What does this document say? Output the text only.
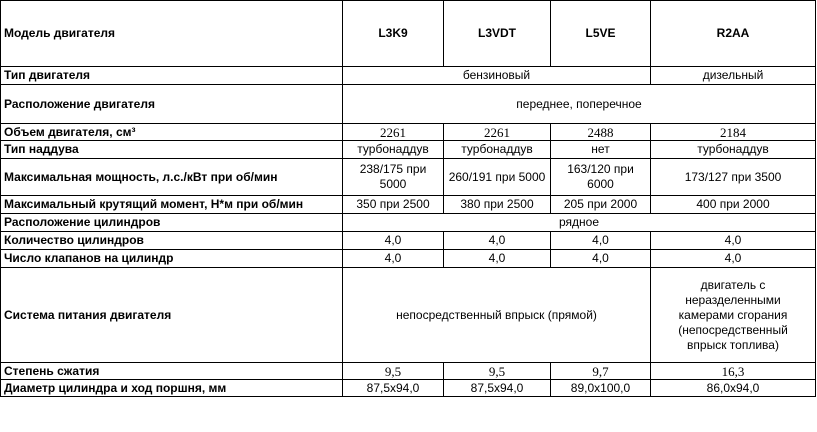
Модель двигателя	L3K9	L3VDT	L5VE	R2AA
Тип двигателя	бензиновый			дизельный
Расположение двигателя	переднее, поперечное			
Объем двигателя, см³	2261	2261	2488	2184
Тип наддува	турбонаддув	турбонаддув	нет	турбонаддув
Максимальная мощность, л.с./кВт при об/мин	238/175 при 5000	260/191 при 5000	163/120 при 6000	173/127 при 3500
Максимальный крутящий момент, Н*м при об/мин	350 при 2500	380 при 2500	205 при 2000	400 при 2000
Расположение цилиндров	рядное			
Количество цилиндров	4,0	4,0	4,0	4,0
Число клапанов на цилиндр	4,0	4,0	4,0	4,0
Система питания двигателя	непосредственный впрыск (прямой)			двигатель с неразделенными камерами сгорания (непосредственный впрыск топлива)
Степень сжатия	9,5	9,5	9,7	16,3
Диаметр цилиндра и ход поршня, мм	87,5x94,0	87,5x94,0	89,0x100,0	86,0x94,0
